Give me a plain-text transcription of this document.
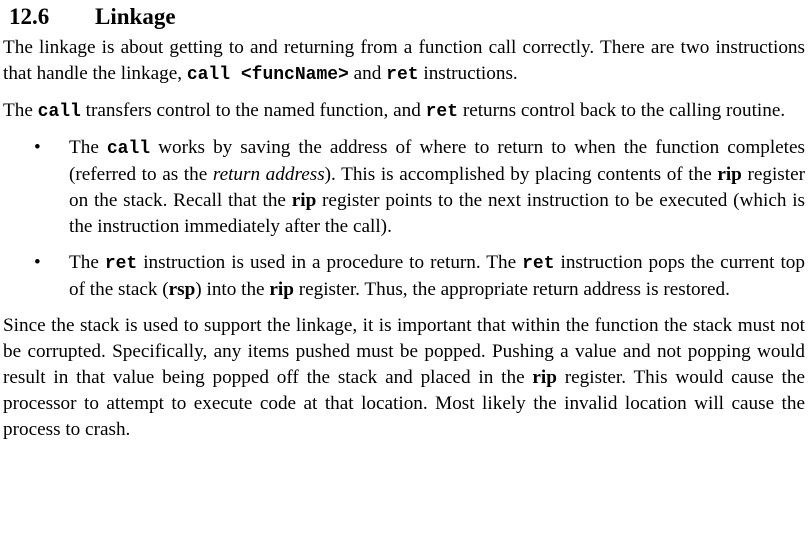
12.6 Linkage

The linkage is about getting to and returning from a function call correctly. There are two instructions that handle the linkage, call <funcName> and ret instructions.

The call transfers control to the named function, and ret returns control back to the calling routine.

• The call works by saving the address of where to return to when the function completes (referred to as the return address). This is accomplished by placing contents of the rip register on the stack. Recall that the rip register points to the next instruction to be executed (which is the instruction immediately after the call).
• The ret instruction is used in a procedure to return. The ret instruction pops the current top of the stack (rsp) into the rip register. Thus, the appropriate return address is restored.

Since the stack is used to support the linkage, it is important that within the function the stack must not be corrupted. Specifically, any items pushed must be popped. Pushing a value and not popping would result in that value being popped off the stack and placed in the rip register. This would cause the processor to attempt to execute code at that location. Most likely the invalid location will cause the process to crash.
